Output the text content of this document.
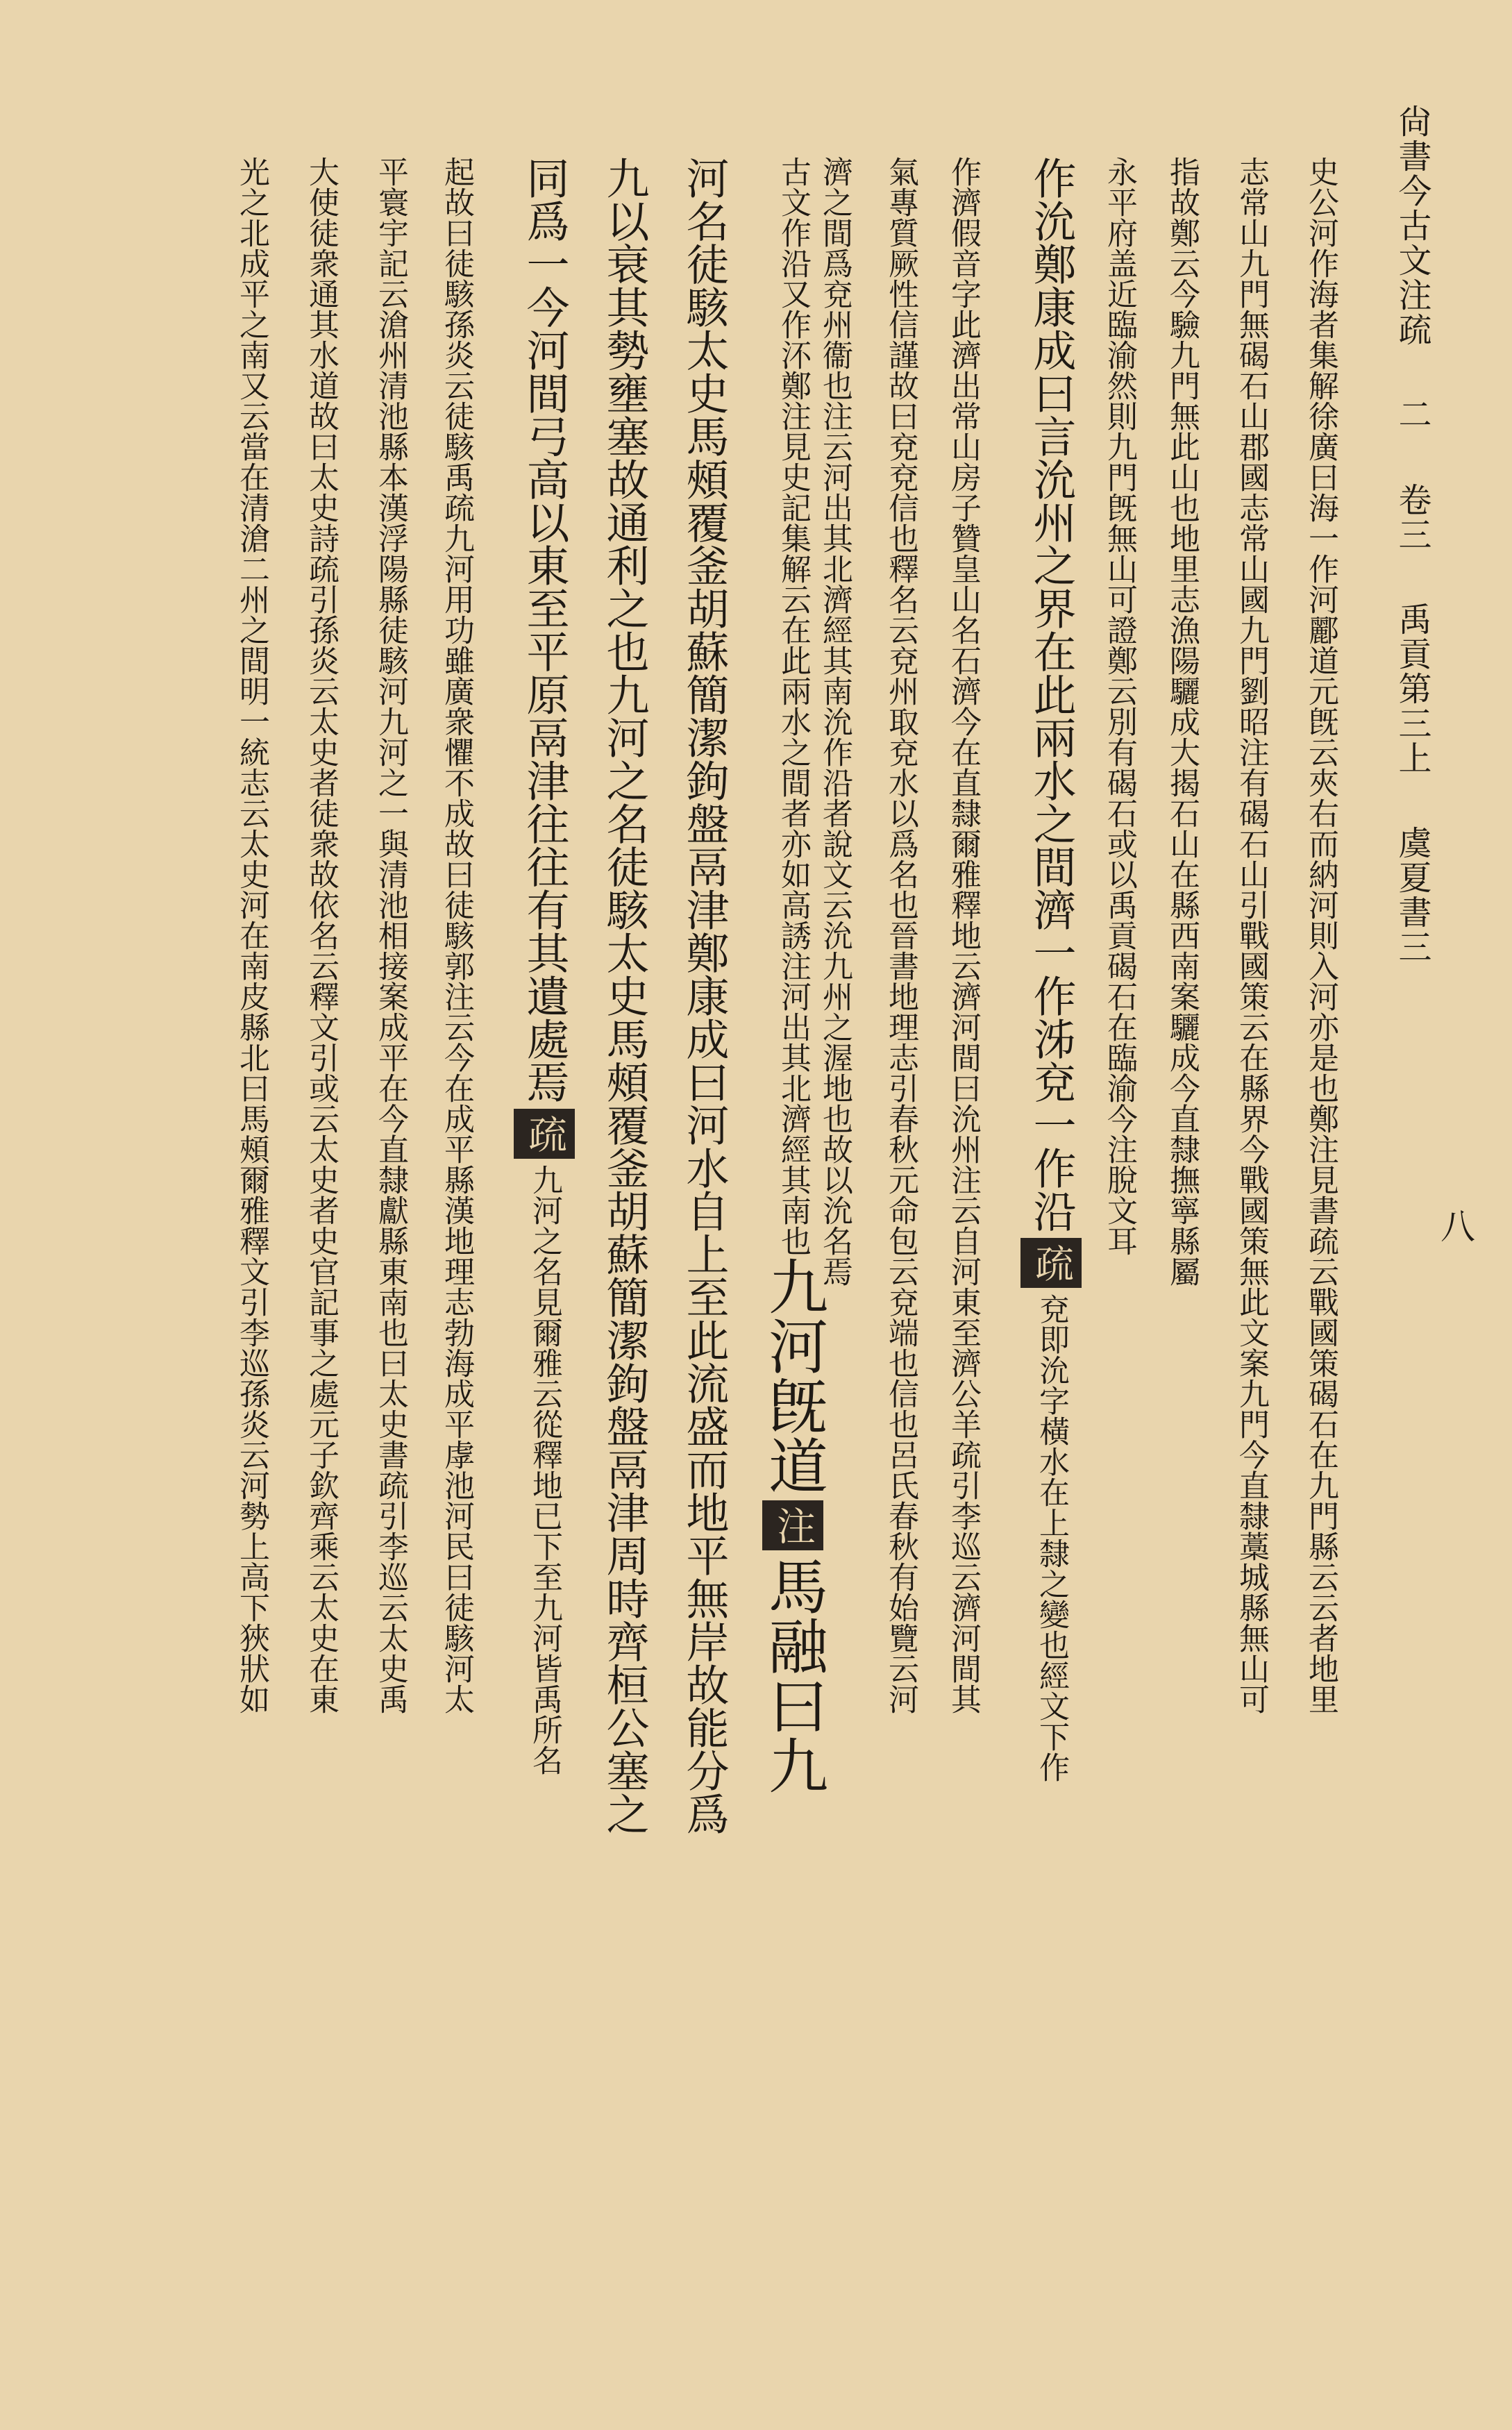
尙書今古文注疏 二 卷三 禹貢第三上 虞夏書三
八
史公河作海者集解徐廣曰海一作河酈道元旣云夾右而納河則入河亦是也鄭注見書疏云戰國策碣石在九門縣云云者地里
志常山九門無碣石山郡國志常山國九門劉昭注有碣石山引戰國策云在縣界今戰國策無此文案九門今直隸藁城縣無山可
指故鄭云今驗九門無此山也地里志漁陽驪成大揭石山在縣西南案驪成今直隸撫寧縣屬
永平府盖近臨渝然則九門旣無山可證鄭云別有碣石或以禹貢碣石在臨渝今注脫文耳
作沇鄭康成曰言沇州之界在此兩水之間濟一作泲兗一作沿疏兗即沇字橫水在上隸之變也經文下作
作濟假音字此濟出常山房子贊皇山名石濟今在直隸爾雅釋地云濟河間曰沇州注云自河東至濟公羊疏引李巡云濟河間其
氣專質厥性信謹故曰兗兗信也釋名云兗州取兗水以爲名也晉書地理志引春秋元命包云兗端也信也呂氏春秋有始覽云河
濟之間爲兗州衞也注云河出其北濟經其南沇作沿者說文云沇九州之渥地也故以沇名焉
古文作沿又作㳅鄭注見史記集解云在此兩水之間者亦如高誘注河出其北濟經其南也九河旣道注馬融曰九
河名徒駭太史馬頰覆釜胡蘇簡潔鉤盤鬲津鄭康成曰河水自上至此流盛而地平無岸故能分爲
九以衰其勢壅塞故通利之也九河之名徒駭太史馬頰覆釜胡蘇簡潔鉤盤鬲津周時齊桓公塞之
同爲一今河間弓高以東至平原鬲津往往有其遺處焉疏九河之名見爾雅云從釋地已下至九河皆禹所名
起故曰徒駭孫炎云徒駭禹疏九河用功雖廣衆懼不成故曰徒駭郭注云今在成平縣漢地理志勃海成平虖池河民曰徒駭河太
平寰宇記云滄州清池縣本漢浮陽縣徒駭河九河之一與清池相接案成平在今直隸獻縣東南也曰太史書疏引李巡云太史禹
大使徒衆通其水道故曰太史詩疏引孫炎云太史者徒衆故依名云釋文引或云太史者史官記事之處元子欽齊乘云太史在東
光之北成平之南又云當在清滄二州之間明一統志云太史河在南皮縣北曰馬頰爾雅釋文引李巡孫炎云河勢上高下狹狀如
